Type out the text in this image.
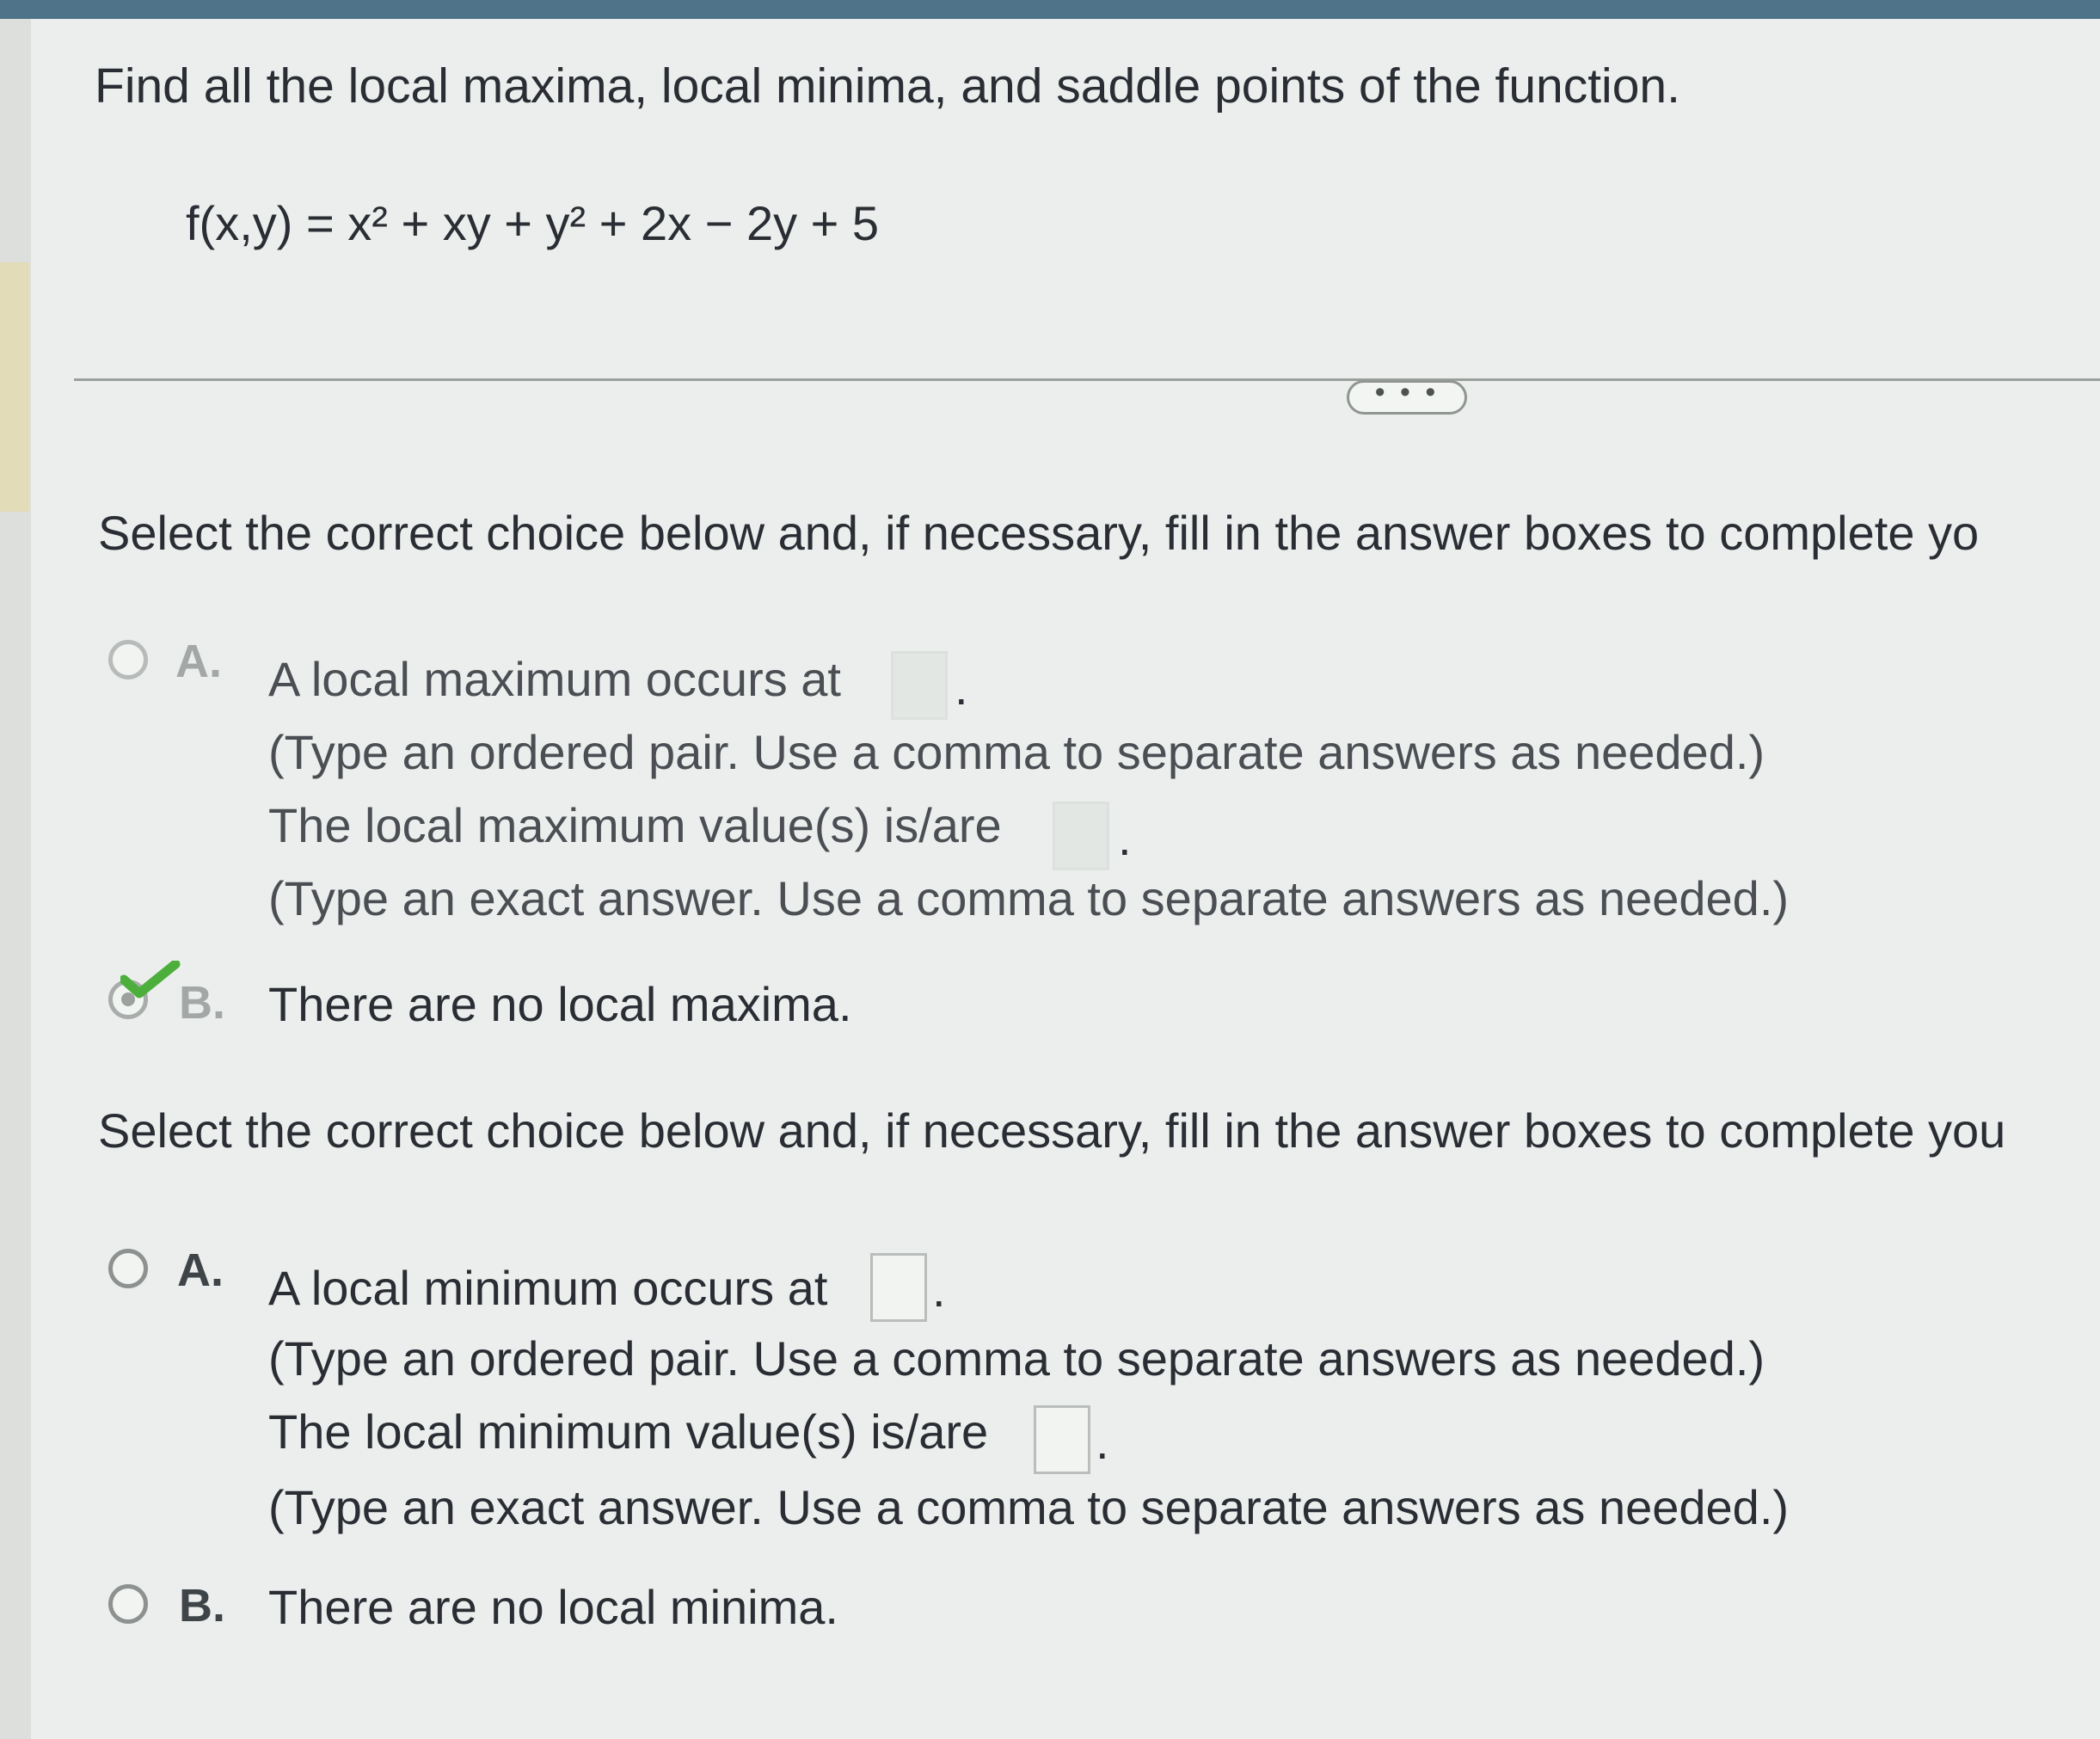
Find all the local maxima, local minima, and saddle points of the function.
f(x,y) = x² + xy + y² + 2x − 2y + 5
• • •
Select the correct choice below and, if necessary, fill in the answer boxes to complete yo
A. A local maximum occurs at .
(Type an ordered pair. Use a comma to separate answers as needed.)
The local maximum value(s) is/are .
(Type an exact answer. Use a comma to separate answers as needed.)
B. There are no local maxima.
Select the correct choice below and, if necessary, fill in the answer boxes to complete you
A. A local minimum occurs at .
(Type an ordered pair. Use a comma to separate answers as needed.)
The local minimum value(s) is/are .
(Type an exact answer. Use a comma to separate answers as needed.)
B. There are no local minima.
